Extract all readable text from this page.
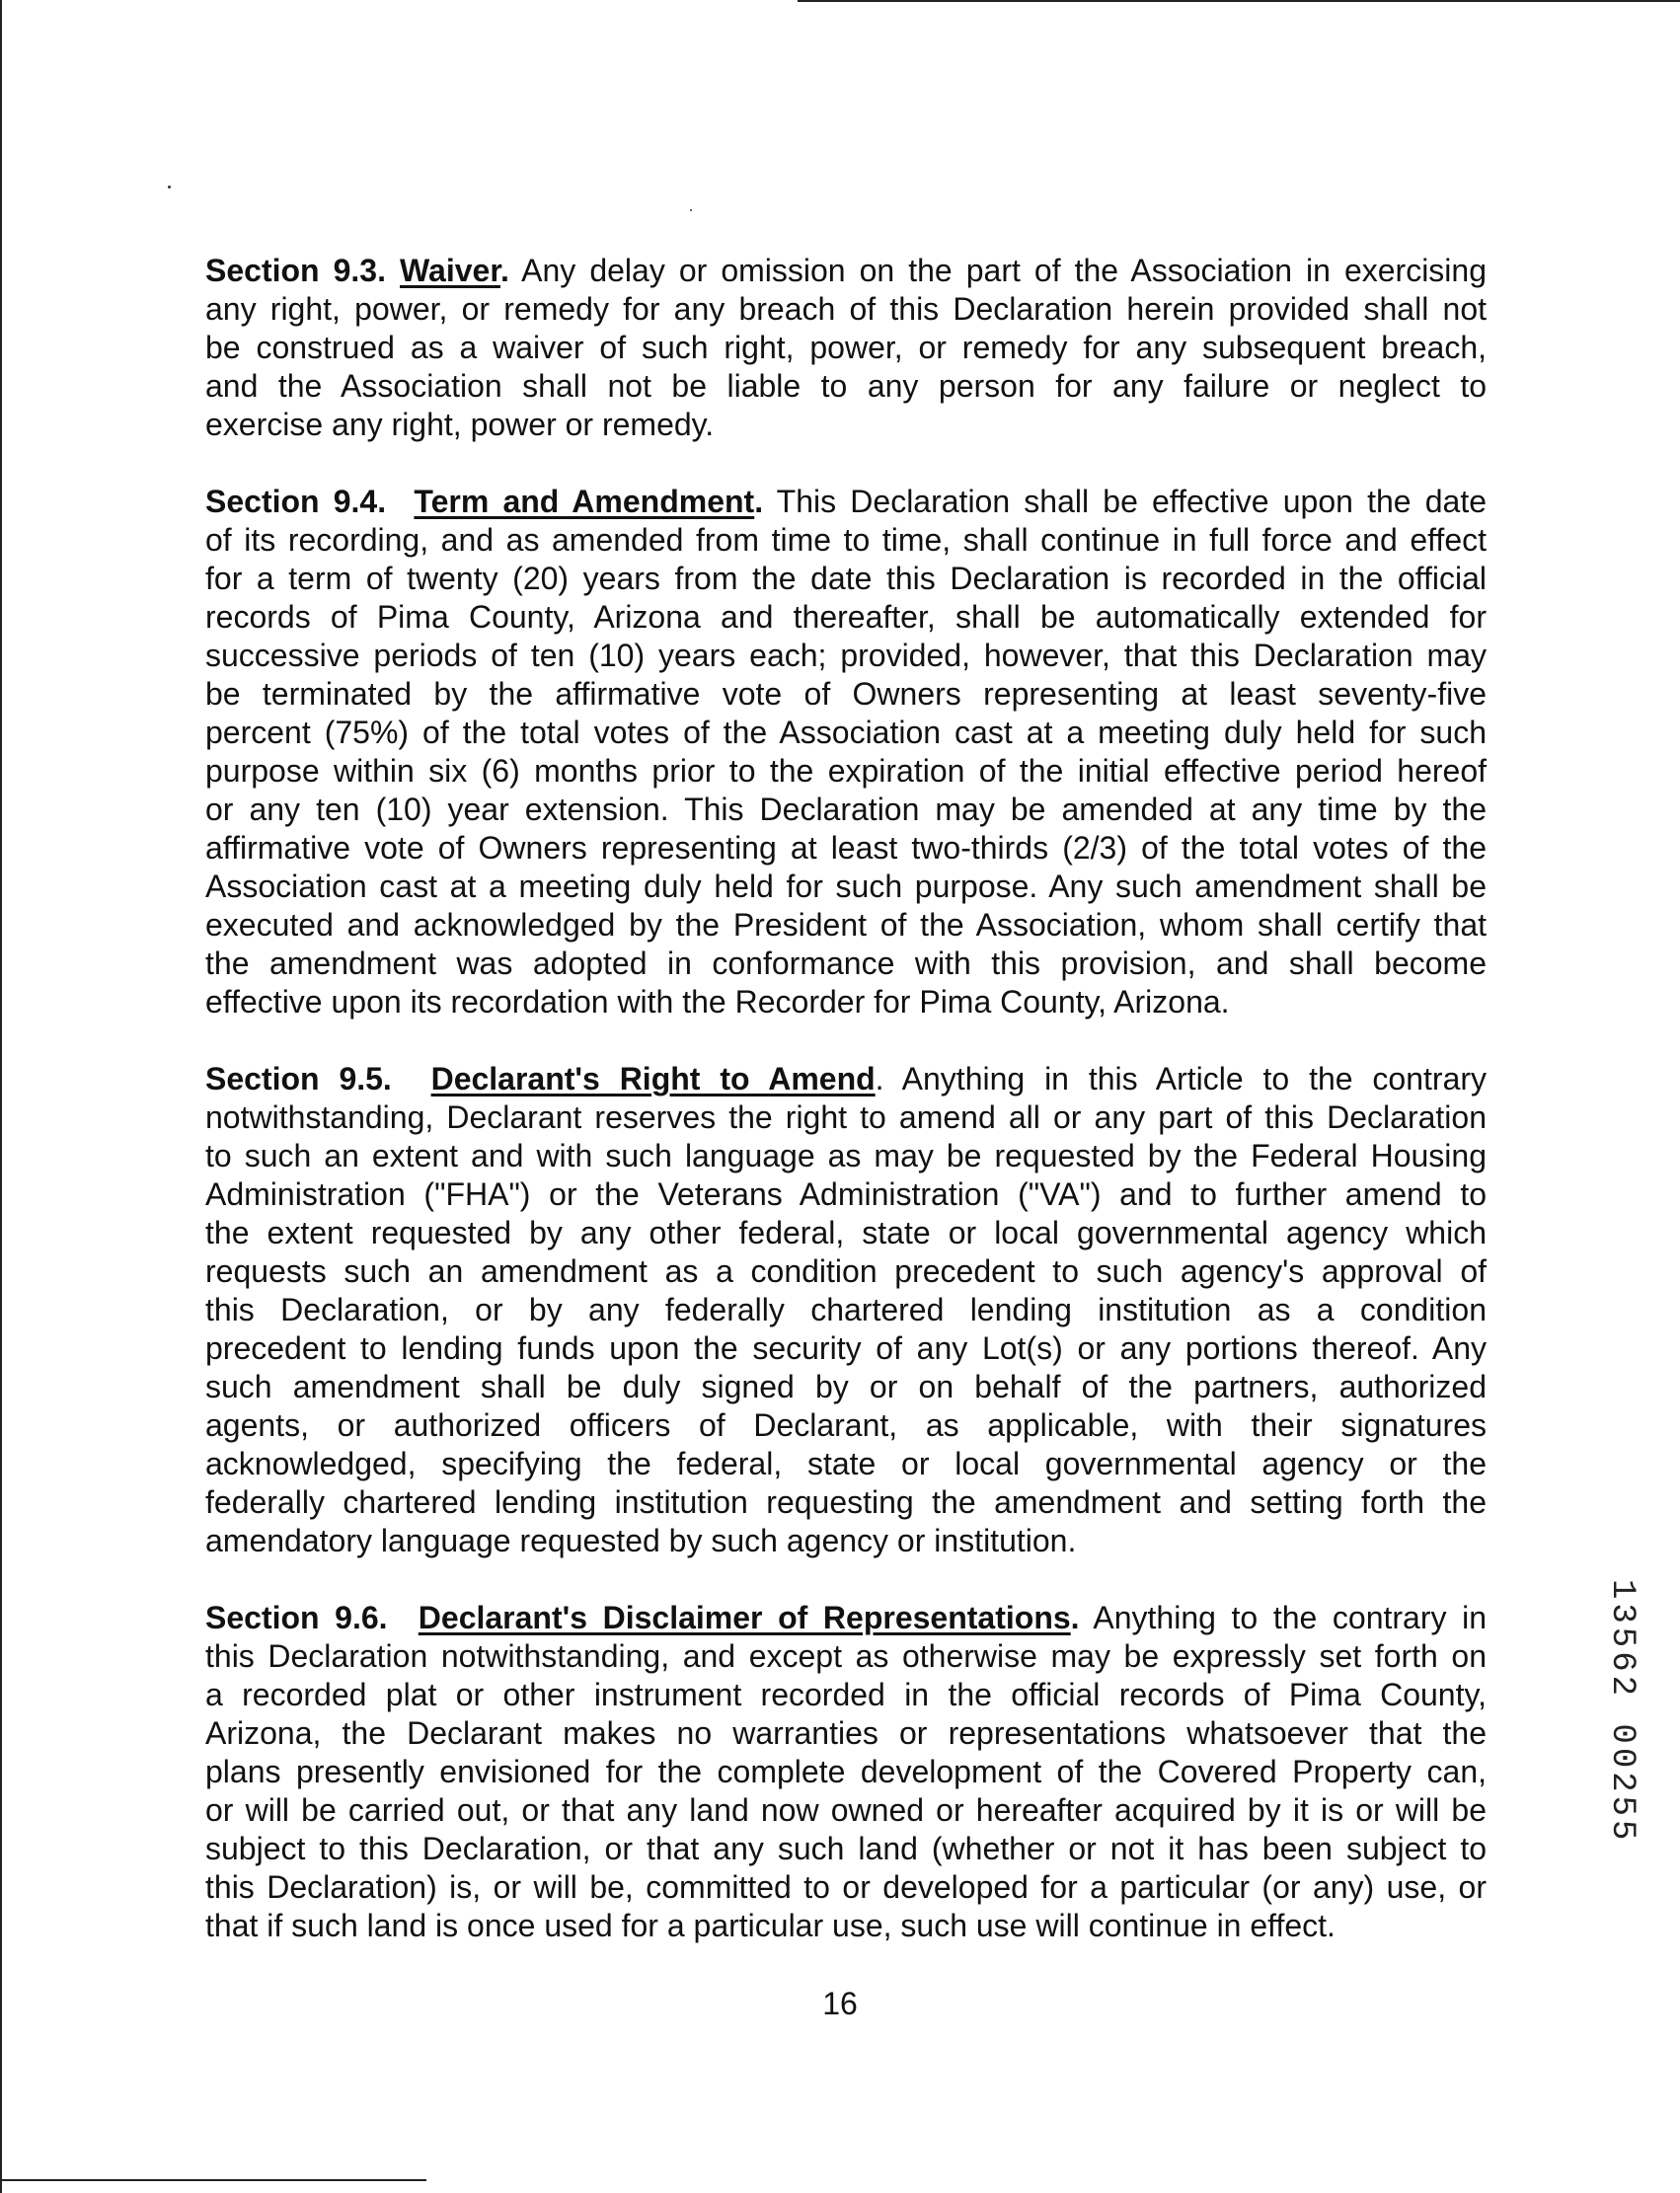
Section 9.3. Waiver. Any delay or omission on the part of the Association in exercising
any right, power, or remedy for any breach of this Declaration herein provided shall not
be construed as a waiver of such right, power, or remedy for any subsequent breach,
and the Association shall not be liable to any person for any failure or neglect to
exercise any right, power or remedy.
Section 9.4. Term and Amendment. This Declaration shall be effective upon the date
of its recording, and as amended from time to time, shall continue in full force and effect
for a term of twenty (20) years from the date this Declaration is recorded in the official
records of Pima County, Arizona and thereafter, shall be automatically extended for
successive periods of ten (10) years each; provided, however, that this Declaration may
be terminated by the affirmative vote of Owners representing at least seventy-five
percent (75%) of the total votes of the Association cast at a meeting duly held for such
purpose within six (6) months prior to the expiration of the initial effective period hereof
or any ten (10) year extension. This Declaration may be amended at any time by the
affirmative vote of Owners representing at least two-thirds (2/3) of the total votes of the
Association cast at a meeting duly held for such purpose. Any such amendment shall be
executed and acknowledged by the President of the Association, whom shall certify that
the amendment was adopted in conformance with this provision, and shall become
effective upon its recordation with the Recorder for Pima County, Arizona.
Section 9.5. Declarant's Right to Amend. Anything in this Article to the contrary
notwithstanding, Declarant reserves the right to amend all or any part of this Declaration
to such an extent and with such language as may be requested by the Federal Housing
Administration ("FHA") or the Veterans Administration ("VA") and to further amend to
the extent requested by any other federal, state or local governmental agency which
requests such an amendment as a condition precedent to such agency's approval of
this Declaration, or by any federally chartered lending institution as a condition
precedent to lending funds upon the security of any Lot(s) or any portions thereof. Any
such amendment shall be duly signed by or on behalf of the partners, authorized
agents, or authorized officers of Declarant, as applicable, with their signatures
acknowledged, specifying the federal, state or local governmental agency or the
federally chartered lending institution requesting the amendment and setting forth the
amendatory language requested by such agency or institution.
Section 9.6. Declarant's Disclaimer of Representations. Anything to the contrary in
this Declaration notwithstanding, and except as otherwise may be expressly set forth on
a recorded plat or other instrument recorded in the official records of Pima County,
Arizona, the Declarant makes no warranties or representations whatsoever that the
plans presently envisioned for the complete development of the Covered Property can,
or will be carried out, or that any land now owned or hereafter acquired by it is or will be
subject to this Declaration, or that any such land (whether or not it has been subject to
this Declaration) is, or will be, committed to or developed for a particular (or any) use, or
that if such land is once used for a particular use, such use will continue in effect.
16
13562 00255
